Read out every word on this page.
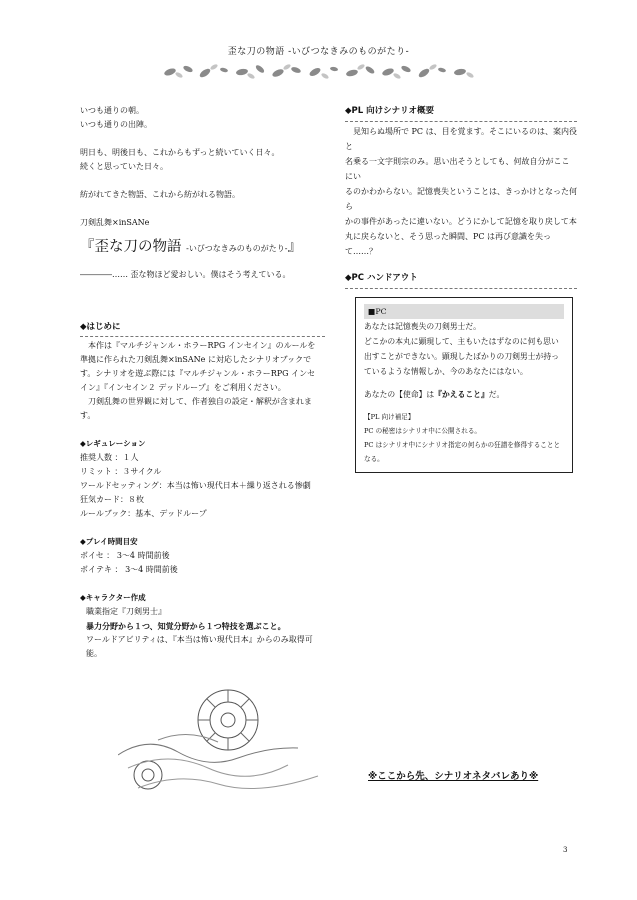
歪な刀の物語 -いびつなきみのものがたり-

いつも通りの朝。

いつも通りの出陣。

明日も、明後日も、これからもずっと続いていく日々。

続くと思っていた日々。

紡がれてきた物語、これから紡がれる物語。

刀剣乱舞×inSANe

『歪な刀の物語 -いびつなきみのものがたり-』

――――…… 歪な物ほど愛おしい。僕はそう考えている。

◆はじめに

本作は『マルチジャンル・ホラーRPG インセイン』のルールを

準拠に作られた刀剣乱舞×inSANe に対応したシナリオブックで

す。シナリオを遊ぶ際には『マルチジャンル・ホラーRPG インセ

イン』『インセイン２ デッドループ』をご利用ください。

刀剣乱舞の世界観に対して、作者独自の設定・解釈が含まれます。

◆レギュレーション

推奨人数 ：１人

リミット ：３サイクル

ワールドセッティング：本当は怖い現代日本＋繰り返される惨劇

狂気カード：８枚

ルールブック：基本、デッドループ

◆プレイ時間目安

ボイセ ： 3〜4 時間前後

ボイテキ ： 3〜4 時間前後

◆キャラクター作成

職業指定『刀剣男士』

暴力分野から１つ、知覚分野から１つ特技を選ぶこと。

ワールドアビリティは、『本当は怖い現代日本』からのみ取得可

能。

◆PL 向けシナリオ概要

見知らぬ場所で PC は、目を覚ます。そこにいるのは、案内役と

名乗る一文字則宗のみ。思い出そうとしても、何故自分がここにい

るのかわからない。記憶喪失ということは、きっかけとなった何ら

かの事件があったに違いない。どうにかして記憶を取り戻して本

丸に戻らないと、そう思った瞬間、PC は再び意識を失って……？

◆PC ハンドアウト

■PC

あなたは記憶喪失の刀剣男士だ。

どこかの本丸に顕現して、主もいたはずなのに何も思い

出すことができない。顕現したばかりの刀剣男士が持っ

ているような情報しか、今のあなたにはない。

あなたの【使命】は『かえること』だ。

【PL 向け補足】

PC の秘密はシナリオ中に公開される。

PC はシナリオ中にシナリオ指定の何らかの狂譜を修得することと

なる。

※ここから先、シナリオネタバレあり※
3
